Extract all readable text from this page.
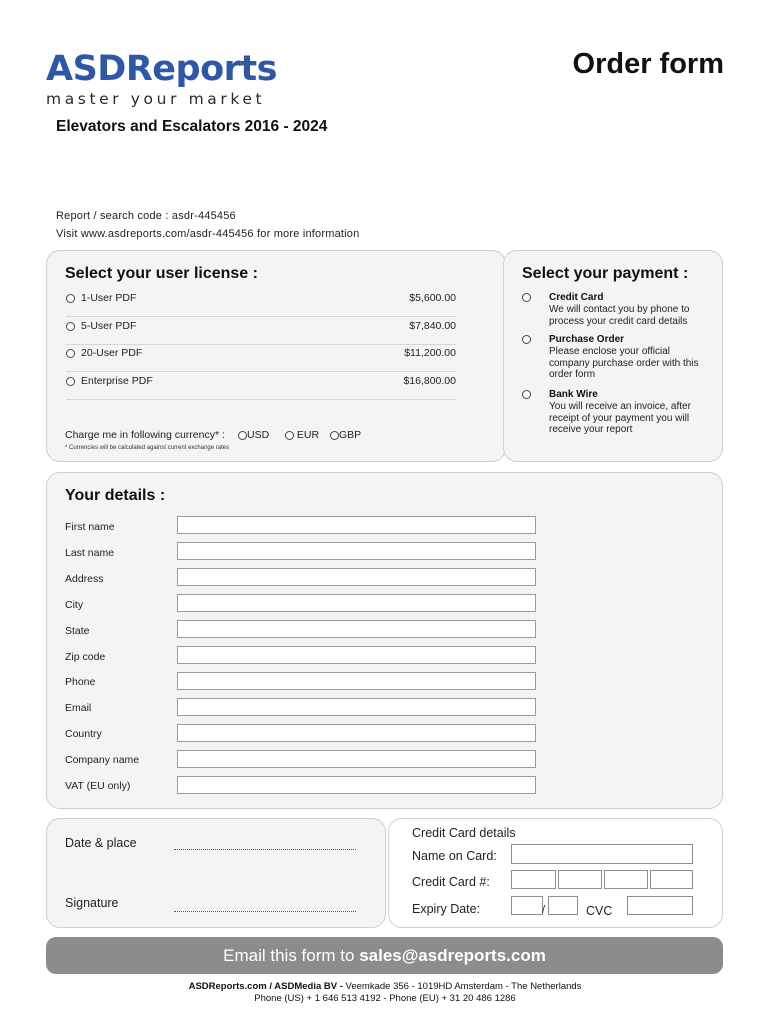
ASDReports
master your market
Order form
Elevators and Escalators 2016 - 2024
Report / search code : asdr-445456
Visit www.asdreports.com/asdr-445456 for more information
Select your user license :
1-User PDF	$5,600.00
5-User PDF	$7,840.00
20-User PDF	$11,200.00
Enterprise PDF	$16,800.00
Charge me in following currency* :	USD	EUR	GBP
* Currencies will be calculated against current exchange rates
Select your payment :
Credit Card
We will contact you by phone to process your credit card details
Purchase Order
Please enclose your official company purchase order with this order form
Bank Wire
You will receive an invoice, after receipt of your payment you will receive your report
Your details :
First name
Last name
Address
City
State
Zip code
Phone
Email
Country
Company name
VAT (EU only)
Date & place
Signature
Credit Card details
Name on Card:
Credit Card #:
Expiry Date:	/	CVC
Email this form to sales@asdreports.com
ASDReports.com / ASDMedia BV - Veemkade 356 - 1019HD Amsterdam - The Netherlands
Phone (US) + 1 646 513 4192 - Phone (EU) + 31 20 486 1286
